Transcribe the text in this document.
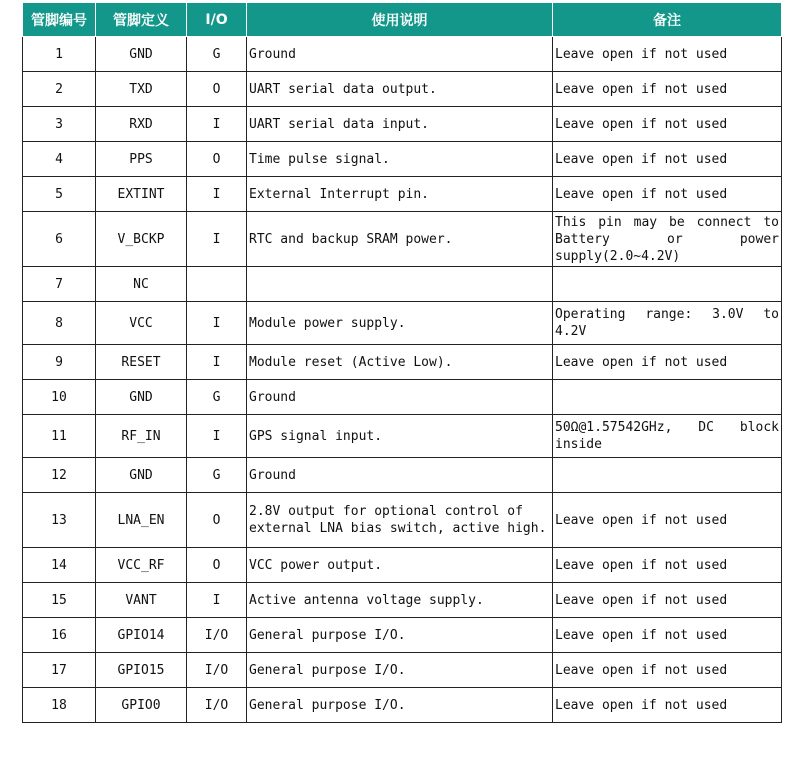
管脚编号	管脚定义	I/O	使用说明	备注
1	GND	G	Ground	Leave open if not used
2	TXD	O	UART serial data output.	Leave open if not used
3	RXD	I	UART serial data input.	Leave open if not used
4	PPS	O	Time pulse signal.	Leave open if not used
5	EXTINT	I	External Interrupt pin.	Leave open if not used
6	V_BCKP	I	RTC and backup SRAM power.	This pin may be connect to Battery or power supply(2.0~4.2V)
7	NC			
8	VCC	I	Module power supply.	Operating range: 3.0V to 4.2V
9	RESET	I	Module reset (Active Low).	Leave open if not used
10	GND	G	Ground	
11	RF_IN	I	GPS signal input.	50Ω@1.57542GHz, DC block inside
12	GND	G	Ground	
13	LNA_EN	O	2.8V output for optional control of external LNA bias switch, active high.	Leave open if not used
14	VCC_RF	O	VCC power output.	Leave open if not used
15	VANT	I	Active antenna voltage supply.	Leave open if not used
16	GPIO14	I/O	General purpose I/O.	Leave open if not used
17	GPIO15	I/O	General purpose I/O.	Leave open if not used
18	GPIO0	I/O	General purpose I/O.	Leave open if not used
